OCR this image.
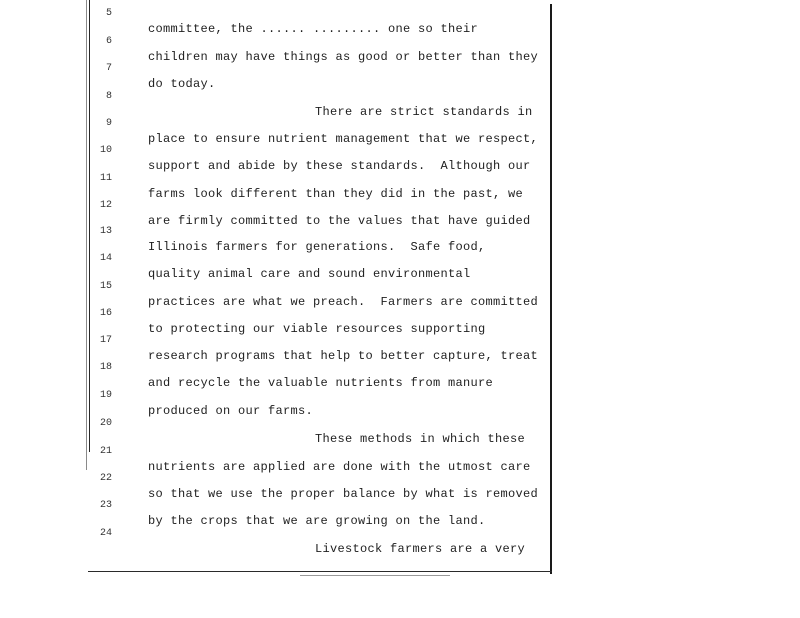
5

committee, the ...... ......... one so their

6

children may have things as good or better than they

7

do today.

8

There are strict standards in

9

place to ensure nutrient management that we respect,

10

support and abide by these standards.  Although our

11

farms look different than they did in the past, we

12

are firmly committed to the values that have guided

13

Illinois farmers for generations.  Safe food,

14

quality animal care and sound environmental

15

practices are what we preach.  Farmers are committed

16

to protecting our viable resources supporting

17

research programs that help to better capture, treat

18

and recycle the valuable nutrients from manure

19

produced on our farms.

20

These methods in which these

21

nutrients are applied are done with the utmost care

22

so that we use the proper balance by what is removed

23

by the crops that we are growing on the land.

24

Livestock farmers are a very
